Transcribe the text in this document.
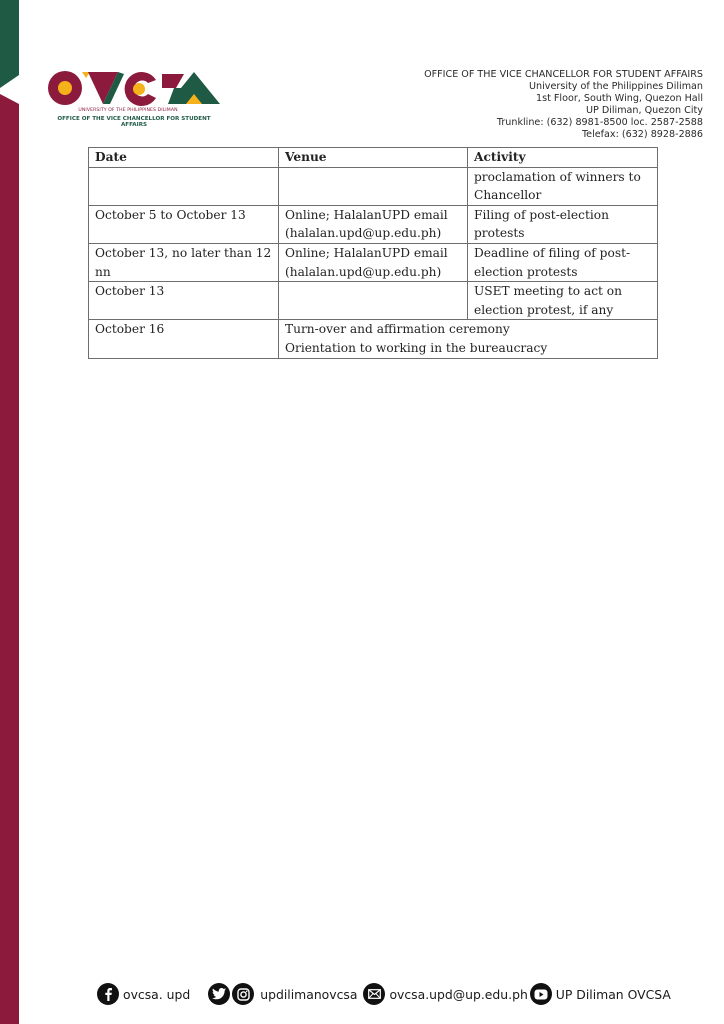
UNIVERSITY OF THE PHILIPPINES DILIMAN
OFFICE OF THE VICE CHANCELLOR FOR STUDENT AFFAIRS
OFFICE OF THE VICE CHANCELLOR FOR STUDENT AFFAIRS
University of the Philippines Diliman
1st Floor, South Wing, Quezon Hall
UP Diliman, Quezon City
Trunkline: (632) 8981-8500 loc. 2587-2588
Telefax: (632) 8928-2886
Date	Venue	Activity
		proclamation of winners to Chancellor
October 5 to October 13	Online; HalalanUPD email (halalan.upd@up.edu.ph)	Filing of post-election protests
October 13, no later than 12 nn	Online; HalalanUPD email (halalan.upd@up.edu.ph)	Deadline of filing of post-election protests
October 13		USET meeting to act on election protest, if any
October 16	Turn-over and affirmation ceremony
Orientation to working in the bureaucracy	
ovcsa. upd	updilimanovcsa	ovcsa.upd@up.edu.ph UP Diliman OVCSA
